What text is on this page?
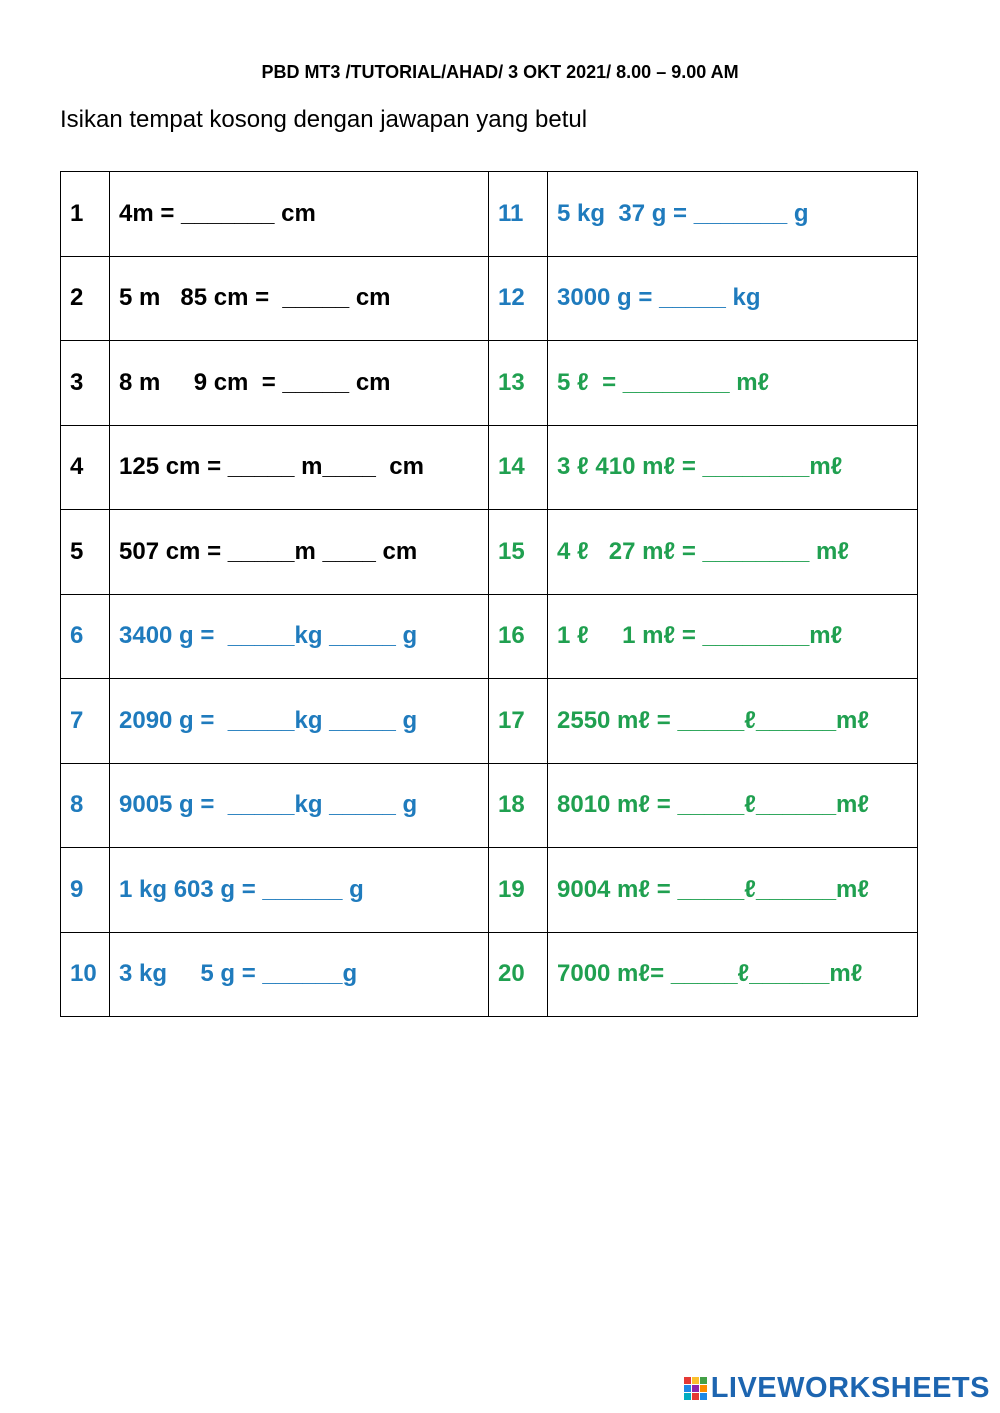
PBD MT3 /TUTORIAL/AHAD/ 3 OKT 2021/ 8.00 – 9.00 AM
Isikan tempat kosong dengan jawapan yang betul
1	4m = _______ cm	11	5 kg  37 g = _______ g
2	5 m   85 cm =  _____ cm	12	3000 g = _____ kg
3	8 m     9 cm  = _____ cm	13	5 ℓ  = ________ mℓ
4	125 cm = _____ m____  cm	14	3 ℓ 410 mℓ = ________mℓ
5	507 cm = _____m ____ cm	15	4 ℓ   27 mℓ = ________ mℓ
6	3400 g =  _____kg _____ g	16	1 ℓ     1 mℓ = ________mℓ
7	2090 g =  _____kg _____ g	17	2550 mℓ = _____ℓ______mℓ
8	9005 g =  _____kg _____ g	18	8010 mℓ = _____ℓ______mℓ
9	1 kg 603 g = ______ g	19	9004 mℓ = _____ℓ______mℓ
10	3 kg     5 g = ______g	20	7000 mℓ= _____ℓ______mℓ
LIVEWORKSHEETS
